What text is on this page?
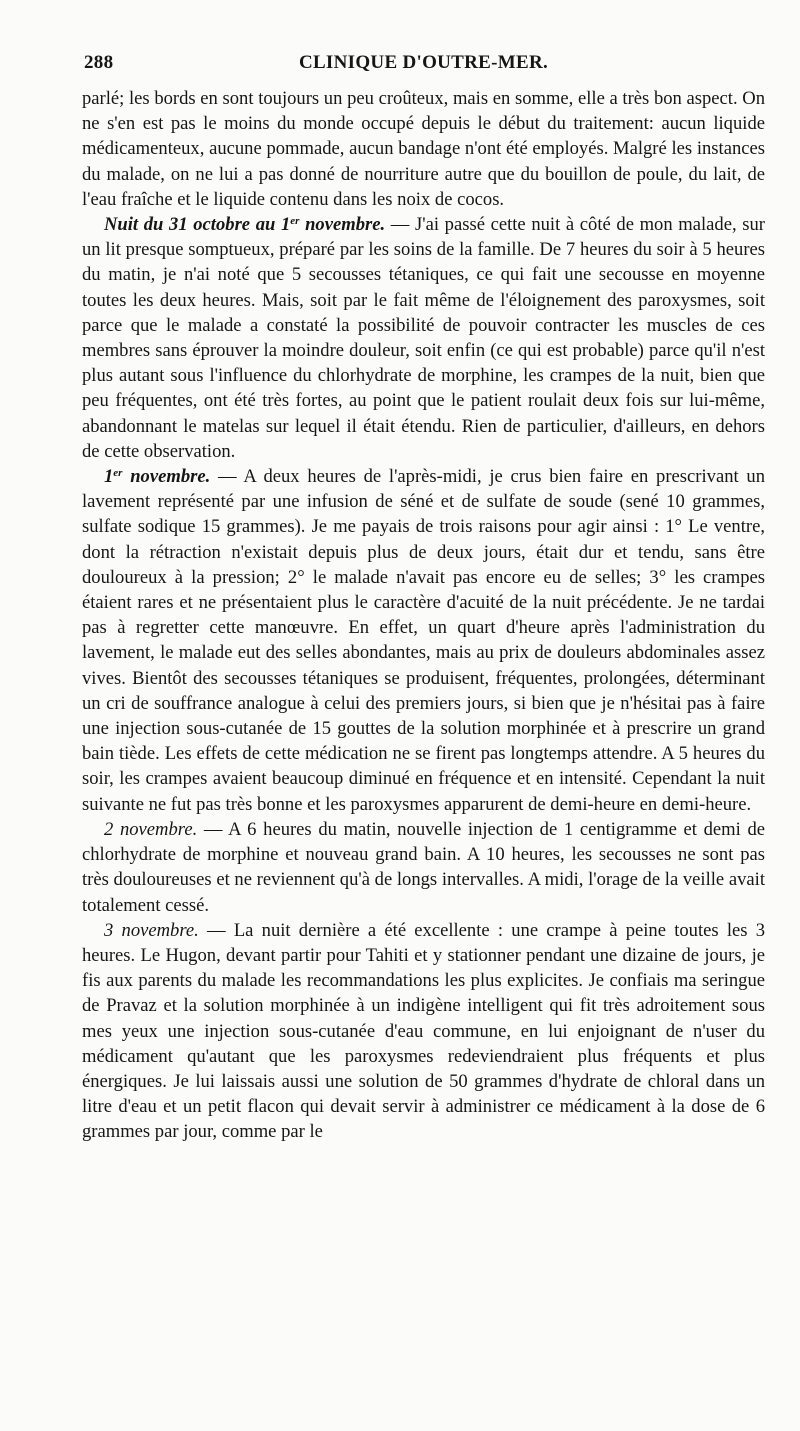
288	CLINIQUE D'OUTRE-MER.

parlé; les bords en sont toujours un peu croûteux, mais en somme, elle a très bon aspect. On ne s'en est pas le moins du monde occupé depuis le début du traitement: aucun liquide médicamenteux, aucune pommade, aucun bandage n'ont été employés. Malgré les instances du malade, on ne lui a pas donné de nourriture autre que du bouillon de poule, du lait, de l'eau fraîche et le liquide contenu dans les noix de cocos.

Nuit du 31 octobre au 1er novembre. — J'ai passé cette nuit à côté de mon malade, sur un lit presque somptueux, préparé par les soins de la famille. De 7 heures du soir à 5 heures du matin, je n'ai noté que 5 secousses tétaniques, ce qui fait une secousse en moyenne toutes les deux heures. Mais, soit par le fait même de l'éloignement des paroxysmes, soit parce que le malade a constaté la possibilité de pouvoir contracter les muscles de ces membres sans éprouver la moindre douleur, soit enfin (ce qui est probable) parce qu'il n'est plus autant sous l'influence du chlorhydrate de morphine, les crampes de la nuit, bien que peu fréquentes, ont été très fortes, au point que le patient roulait deux fois sur lui-même, abandonnant le matelas sur lequel il était étendu. Rien de particulier, d'ailleurs, en dehors de cette observation.

1er novembre. — A deux heures de l'après-midi, je crus bien faire en prescrivant un lavement représenté par une infusion de séné et de sulfate de soude (sené 10 grammes, sulfate sodique 15 grammes). Je me payais de trois raisons pour agir ainsi : 1° Le ventre, dont la rétraction n'existait depuis plus de deux jours, était dur et tendu, sans être douloureux à la pression; 2° le malade n'avait pas encore eu de selles; 3° les crampes étaient rares et ne présentaient plus le caractère d'acuité de la nuit précédente. Je ne tardai pas à regretter cette manœuvre. En effet, un quart d'heure après l'administration du lavement, le malade eut des selles abondantes, mais au prix de douleurs abdominales assez vives. Bientôt des secousses tétaniques se produisent, fréquentes, prolongées, déterminant un cri de souffrance analogue à celui des premiers jours, si bien que je n'hésitai pas à faire une injection sous-cutanée de 15 gouttes de la solution morphinée et à prescrire un grand bain tiède. Les effets de cette médication ne se firent pas longtemps attendre. A 5 heures du soir, les crampes avaient beaucoup diminué en fréquence et en intensité. Cependant la nuit suivante ne fut pas très bonne et les paroxysmes apparurent de demi-heure en demi-heure.

2 novembre. — A 6 heures du matin, nouvelle injection de 1 centigramme et demi de chlorhydrate de morphine et nouveau grand bain. A 10 heures, les secousses ne sont pas très douloureuses et ne reviennent qu'à de longs intervalles. A midi, l'orage de la veille avait totalement cessé.

3 novembre. — La nuit dernière a été excellente : une crampe à peine toutes les 3 heures. Le Hugon, devant partir pour Tahiti et y stationner pendant une dizaine de jours, je fis aux parents du malade les recommandations les plus explicites. Je confiais ma seringue de Pravaz et la solution morphinée à un indigène intelligent qui fit très adroitement sous mes yeux une injection sous-cutanée d'eau commune, en lui enjoignant de n'user du médicament qu'autant que les paroxysmes redeviendraient plus fréquents et plus énergiques. Je lui laissais aussi une solution de 50 grammes d'hydrate de chloral dans un litre d'eau et un petit flacon qui devait servir à administrer ce médicament à la dose de 6 grammes par jour, comme par le
